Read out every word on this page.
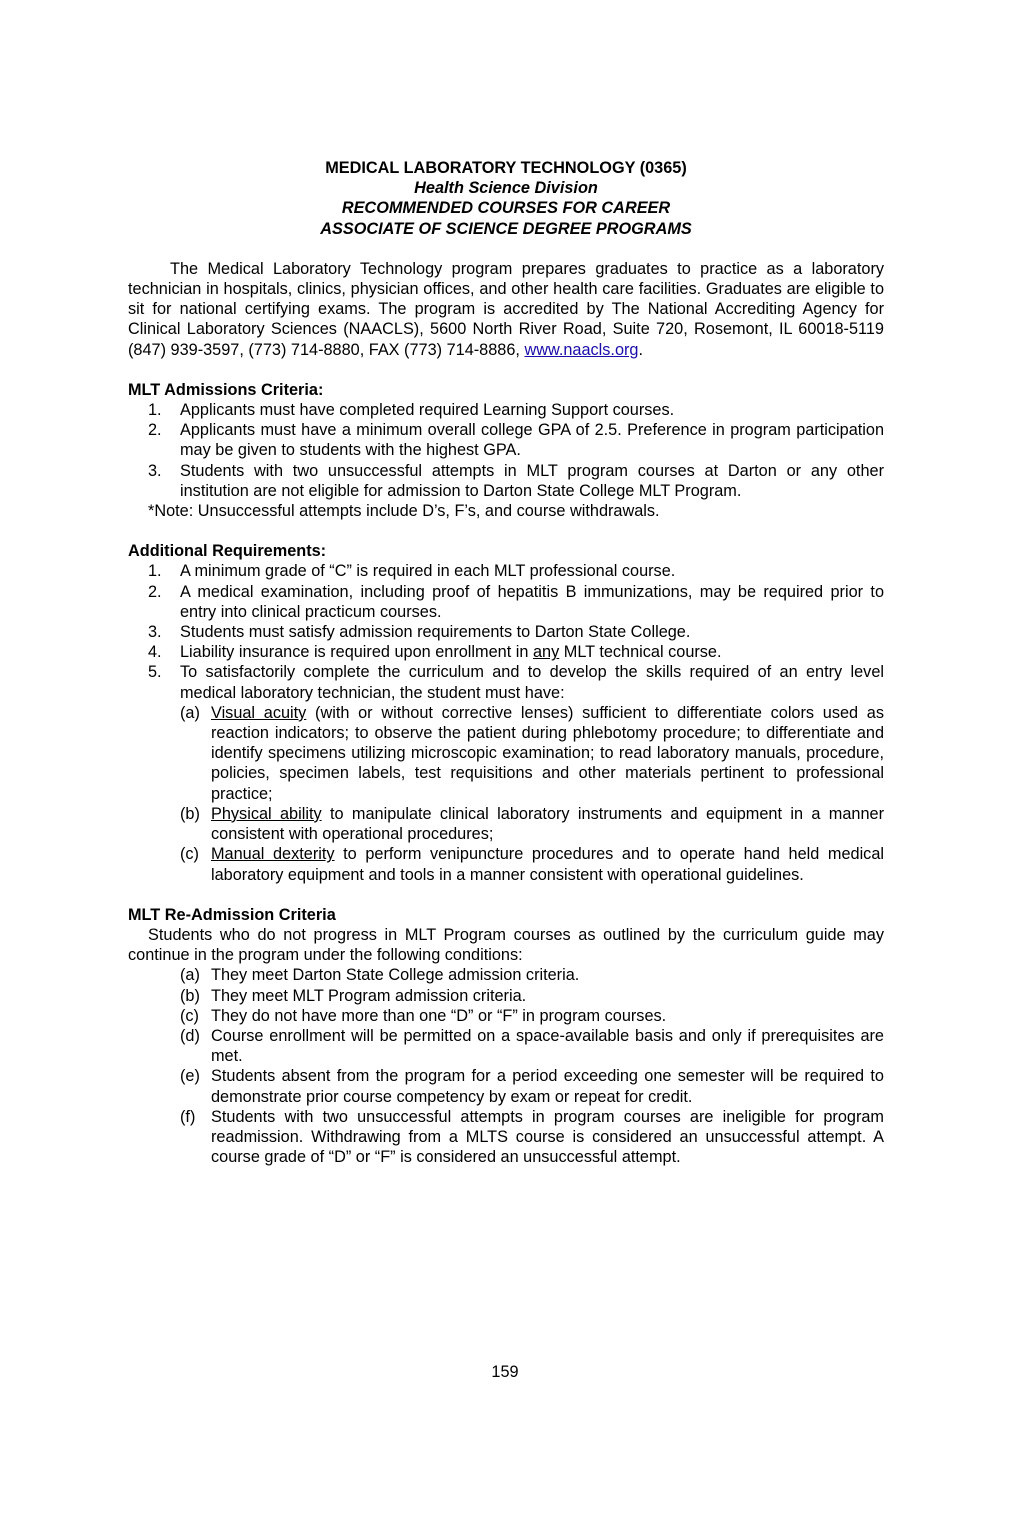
MEDICAL LABORATORY TECHNOLOGY (0365)
Health Science Division
RECOMMENDED COURSES FOR CAREER
ASSOCIATE OF SCIENCE DEGREE PROGRAMS
The Medical Laboratory Technology program prepares graduates to practice as a laboratory technician in hospitals, clinics, physician offices, and other health care facilities. Graduates are eligible to sit for national certifying exams. The program is accredited by The National Accrediting Agency for Clinical Laboratory Sciences (NAACLS), 5600 North River Road, Suite 720, Rosemont, IL 60018-5119 (847) 939-3597, (773) 714-8880, FAX (773) 714-8886, www.naacls.org.
MLT Admissions Criteria:
1. Applicants must have completed required Learning Support courses.
2. Applicants must have a minimum overall college GPA of 2.5. Preference in program participation may be given to students with the highest GPA.
3. Students with two unsuccessful attempts in MLT program courses at Darton or any other institution are not eligible for admission to Darton State College MLT Program.
*Note: Unsuccessful attempts include D’s, F’s, and course withdrawals.
Additional Requirements:
1. A minimum grade of “C” is required in each MLT professional course.
2. A medical examination, including proof of hepatitis B immunizations, may be required prior to entry into clinical practicum courses.
3. Students must satisfy admission requirements to Darton State College.
4. Liability insurance is required upon enrollment in any MLT technical course.
5. To satisfactorily complete the curriculum and to develop the skills required of an entry level medical laboratory technician, the student must have:
(a) Visual acuity (with or without corrective lenses) sufficient to differentiate colors used as reaction indicators; to observe the patient during phlebotomy procedure; to differentiate and identify specimens utilizing microscopic examination; to read laboratory manuals, procedure, policies, specimen labels, test requisitions and other materials pertinent to professional practice;
(b) Physical ability to manipulate clinical laboratory instruments and equipment in a manner consistent with operational procedures;
(c) Manual dexterity to perform venipuncture procedures and to operate hand held medical laboratory equipment and tools in a manner consistent with operational guidelines.
MLT Re-Admission Criteria
Students who do not progress in MLT Program courses as outlined by the curriculum guide may continue in the program under the following conditions:
(a) They meet Darton State College admission criteria.
(b) They meet MLT Program admission criteria.
(c) They do not have more than one “D” or “F” in program courses.
(d) Course enrollment will be permitted on a space-available basis and only if prerequisites are met.
(e) Students absent from the program for a period exceeding one semester will be required to demonstrate prior course competency by exam or repeat for credit.
(f) Students with two unsuccessful attempts in program courses are ineligible for program readmission. Withdrawing from a MLTS course is considered an unsuccessful attempt. A course grade of “D” or “F” is considered an unsuccessful attempt.
159
